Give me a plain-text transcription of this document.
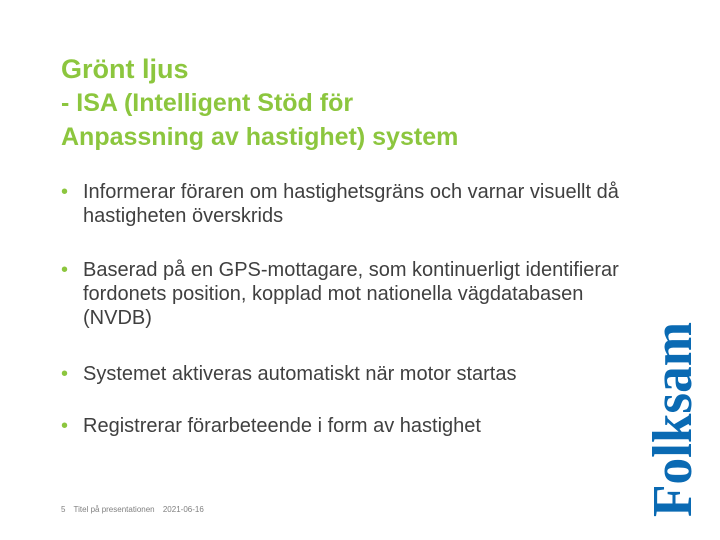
Grönt ljus
- ISA (Intelligent Stöd för
Anpassning av hastighet) system
• Informerar föraren om hastighetsgräns och varnar visuellt då hastigheten överskrids
• Baserad på en GPS-mottagare, som kontinuerligt identifierar fordonets position, kopplad mot nationella vägdatabasen (NVDB)
• Systemet aktiveras automatiskt när motor startas
• Registrerar förarbeteende i form av hastighet
5 Titel på presentationen 2021-06-16	Folksam
